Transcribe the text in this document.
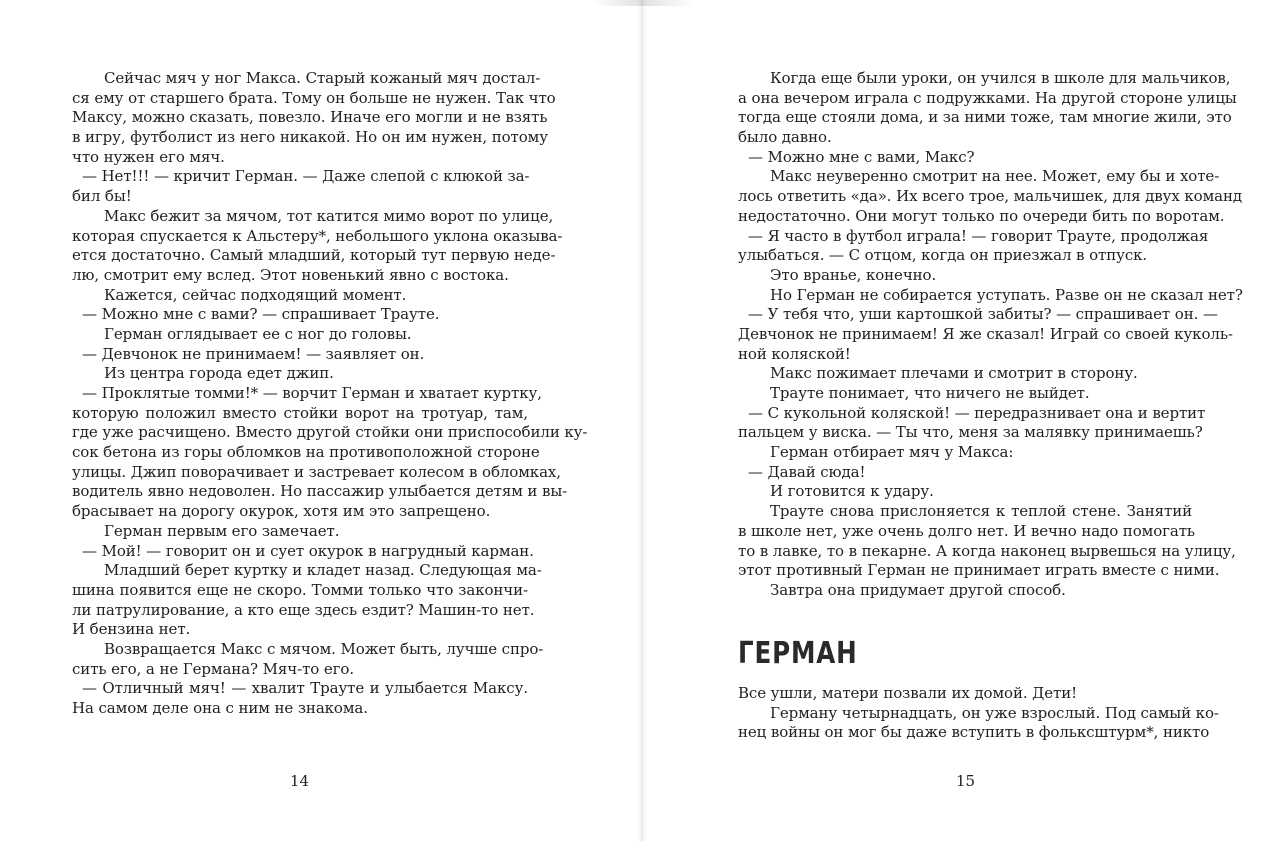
Сейчас мяч у ног Макса. Старый кожаный мяч достал-
ся ему от старшего брата. Тому он больше не нужен. Так что
Максу, можно сказать, повезло. Иначе его могли и не взять
в игру, футболист из него никакой. Но он им нужен, потому
что нужен его мяч.
— Нет!!! — кричит Герман. — Даже слепой с клюкой за-
бил бы!
Макс бежит за мячом, тот катится мимо ворот по улице,
которая спускается к Альстеру*, небольшого уклона оказыва-
ется достаточно. Самый младший, который тут первую неде-
лю, смотрит ему вслед. Этот новенький явно с востока.
Кажется, сейчас подходящий момент.
— Можно мне с вами? — спрашивает Траутe.
Герман оглядывает ее с ног до головы.
— Девчонок не принимаем! — заявляет он.
Из центра города едет джип.
— Проклятые томми!* — ворчит Герман и хватает куртку,
которую положил вместо стойки ворот на тротуар, там,
где уже расчищено. Вместо другой стойки они приспособили ку-
сок бетона из горы обломков на противоположной стороне
улицы. Джип поворачивает и застревает колесом в обломках,
водитель явно недоволен. Но пассажир улыбается детям и вы-
брасывает на дорогу окурок, хотя им это запрещено.
Герман первым его замечает.
— Мой! — говорит он и сует окурок в нагрудный карман.
Младший берет куртку и кладет назад. Следующая ма-
шина появится еще не скоро. Томми только что закончи-
ли патрулирование, а кто еще здесь ездит? Машин-то нет.
И бензина нет.
Возвращается Макс с мячом. Может быть, лучше спро-
сить его, а не Германа? Мяч-то его.
— Отличный мяч! — хвалит Траутe и улыбается Максу.
На самом деле она с ним не знакома.
14
Когда еще были уроки, он учился в школе для мальчиков,
а она вечером играла с подружками. На другой стороне улицы
тогда еще стояли дома, и за ними тоже, там многие жили, это
было давно.
— Можно мне с вами, Макс?
Макс неуверенно смотрит на нее. Может, ему бы и хоте-
лось ответить «да». Их всего трое, мальчишек, для двух команд
недостаточно. Они могут только по очереди бить по воротам.
— Я часто в футбол играла! — говорит Траутe, продолжая
улыбаться. — С отцом, когда он приезжал в отпуск.
Это вранье, конечно.
Но Герман не собирается уступать. Разве он не сказал нет?
— У тебя что, уши картошкой забиты? — спрашивает он. —
Девчонок не принимаем! Я же сказал! Играй со своей куколь-
ной коляской!
Макс пожимает плечами и смотрит в сторону.
Траутe понимает, что ничего не выйдет.
— С кукольной коляской! — передразнивает она и вертит
пальцем у виска. — Ты что, меня за малявку принимаешь?
Герман отбирает мяч у Макса:
— Давай сюда!
И готовится к удару.
Траутe снова прислоняется к теплой стене. Занятий
в школе нет, уже очень долго нет. И вечно надо помогать
то в лавке, то в пекарне. А когда наконец вырвешься на улицу,
этот противный Герман не принимает играть вместе с ними.
Завтра она придумает другой способ.
ГЕРМАН
Все ушли, матери позвали их домой. Дети!
Герману четырнадцать, он уже взрослый. Под самый ко-
нец войны он мог бы даже вступить в фольксштурм*, никто
15
